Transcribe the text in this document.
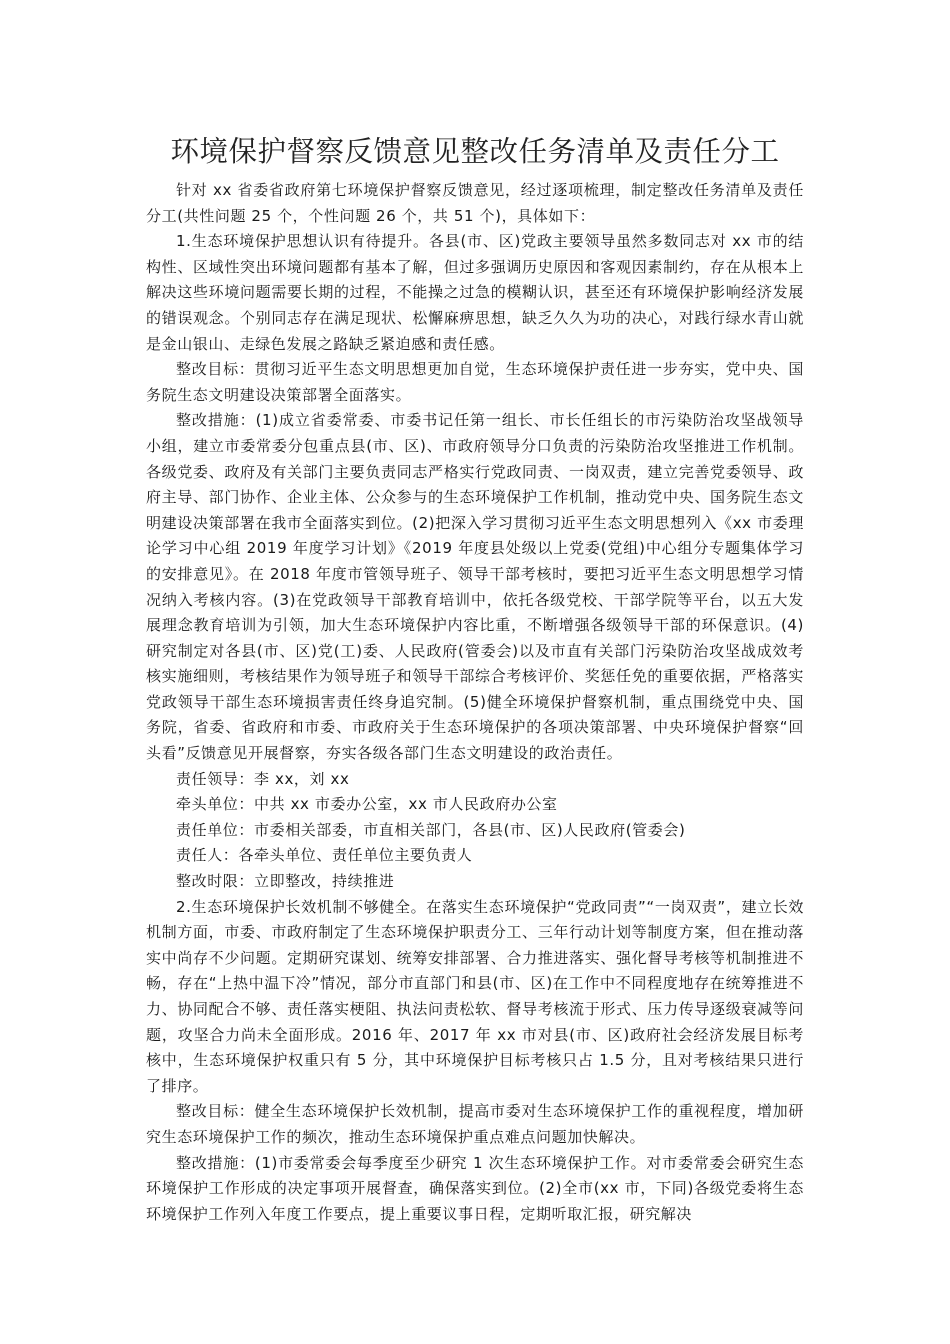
环境保护督察反馈意见整改任务清单及责任分工

针对 xx 省委省政府第七环境保护督察反馈意见，经过逐项梳理，制定整改任务清单及责任分工(共性问题 25 个，个性问题 26 个，共 51 个)，具体如下：

1.生态环境保护思想认识有待提升。各县(市、区)党政主要领导虽然多数同志对 xx 市的结构性、区域性突出环境问题都有基本了解，但过多强调历史原因和客观因素制约，存在从根本上解决这些环境问题需要长期的过程，不能操之过急的模糊认识，甚至还有环境保护影响经济发展的错误观念。个别同志存在满足现状、松懈麻痹思想，缺乏久久为功的决心，对践行绿水青山就是金山银山、走绿色发展之路缺乏紧迫感和责任感。

整改目标：贯彻习近平生态文明思想更加自觉，生态环境保护责任进一步夯实，党中央、国务院生态文明建设决策部署全面落实。

整改措施：(1)成立省委常委、市委书记任第一组长、市长任组长的市污染防治攻坚战领导小组，建立市委常委分包重点县(市、区)、市政府领导分口负责的污染防治攻坚推进工作机制。各级党委、政府及有关部门主要负责同志严格实行党政同责、一岗双责，建立完善党委领导、政府主导、部门协作、企业主体、公众参与的生态环境保护工作机制，推动党中央、国务院生态文明建设决策部署在我市全面落实到位。(2)把深入学习贯彻习近平生态文明思想列入《xx 市委理论学习中心组 2019 年度学习计划》《2019 年度县处级以上党委(党组)中心组分专题集体学习的安排意见》。在 2018 年度市管领导班子、领导干部考核时，要把习近平生态文明思想学习情况纳入考核内容。(3)在党政领导干部教育培训中，依托各级党校、干部学院等平台，以五大发展理念教育培训为引领，加大生态环境保护内容比重，不断增强各级领导干部的环保意识。(4)研究制定对各县(市、区)党(工)委、人民政府(管委会)以及市直有关部门污染防治攻坚战成效考核实施细则，考核结果作为领导班子和领导干部综合考核评价、奖惩任免的重要依据，严格落实党政领导干部生态环境损害责任终身追究制。(5)健全环境保护督察机制，重点围绕党中央、国务院，省委、省政府和市委、市政府关于生态环境保护的各项决策部署、中央环境保护督察“回头看”反馈意见开展督察，夯实各级各部门生态文明建设的政治责任。

责任领导：李 xx，刘 xx

牵头单位：中共 xx 市委办公室，xx 市人民政府办公室

责任单位：市委相关部委，市直相关部门，各县(市、区)人民政府(管委会)

责任人：各牵头单位、责任单位主要负责人

整改时限：立即整改，持续推进

2.生态环境保护长效机制不够健全。在落实生态环境保护“党政同责”“一岗双责”，建立长效机制方面，市委、市政府制定了生态环境保护职责分工、三年行动计划等制度方案，但在推动落实中尚存不少问题。定期研究谋划、统筹安排部署、合力推进落实、强化督导考核等机制推进不畅，存在“上热中温下冷”情况，部分市直部门和县(市、区)在工作中不同程度地存在统筹推进不力、协同配合不够、责任落实梗阻、执法问责松软、督导考核流于形式、压力传导逐级衰减等问题，攻坚合力尚未全面形成。2016 年、2017 年 xx 市对县(市、区)政府社会经济发展目标考核中，生态环境保护权重只有 5 分，其中环境保护目标考核只占 1.5 分，且对考核结果只进行了排序。

整改目标：健全生态环境保护长效机制，提高市委对生态环境保护工作的重视程度，增加研究生态环境保护工作的频次，推动生态环境保护重点难点问题加快解决。

整改措施：(1)市委常委会每季度至少研究 1 次生态环境保护工作。对市委常委会研究生态环境保护工作形成的决定事项开展督查，确保落实到位。(2)全市(xx 市，下同)各级党委将生态环境保护工作列入年度工作要点，提上重要议事日程，定期听取汇报，研究解决
